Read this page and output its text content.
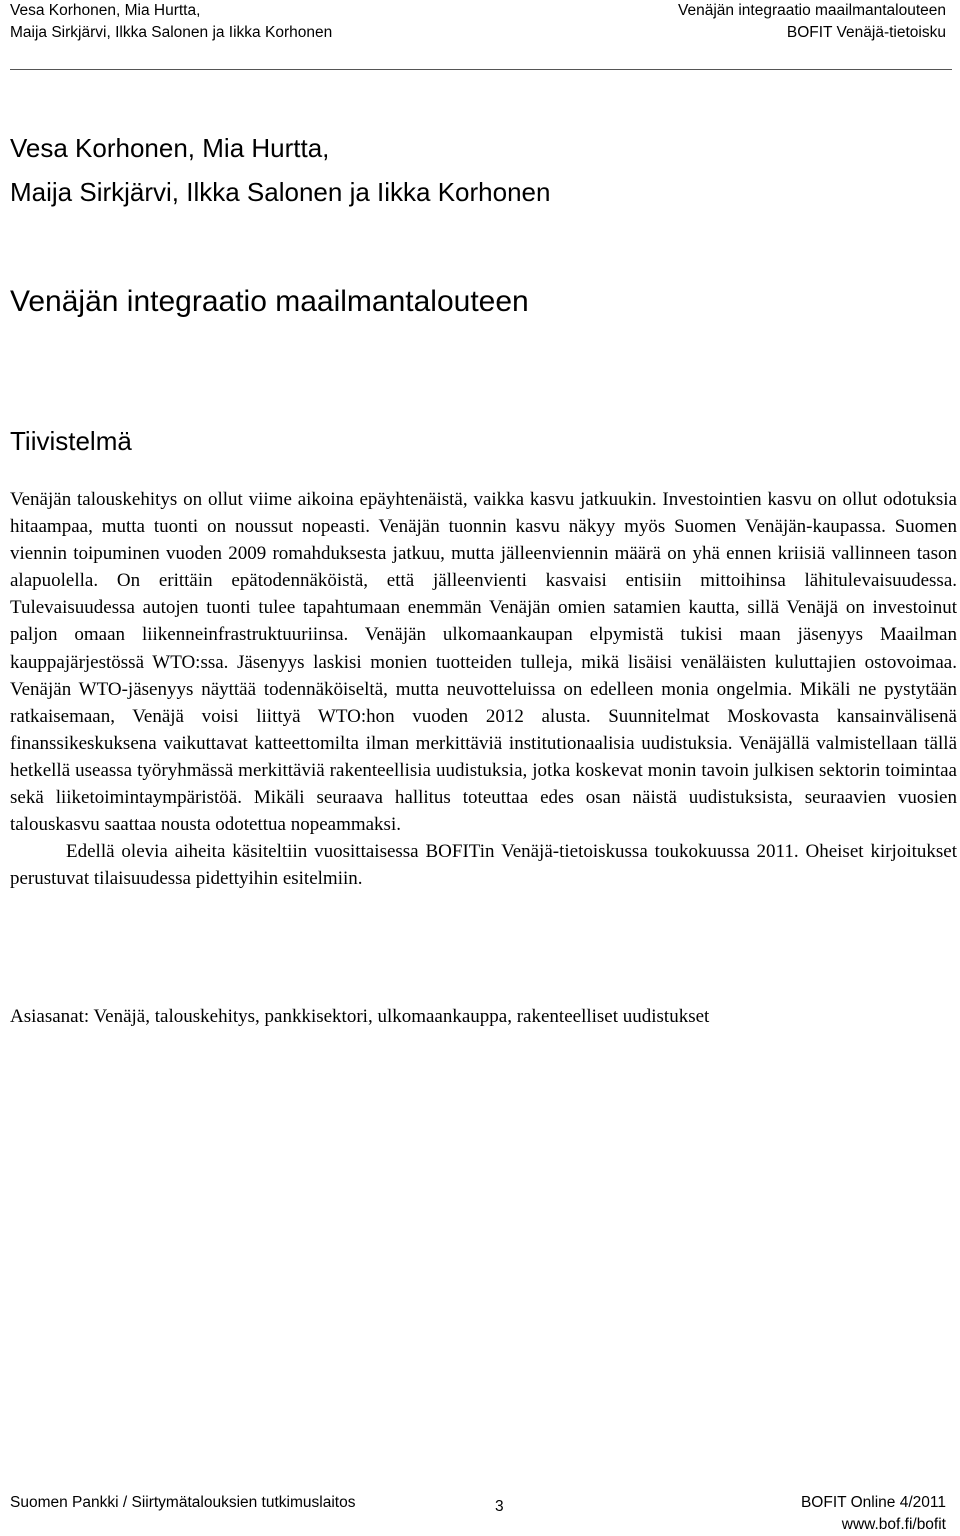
Vesa Korhonen, Mia Hurtta,
Maija Sirkjärvi, Ilkka Salonen ja Iikka Korhonen
Venäjän integraatio maailmantalouteen
BOFIT Venäjä-tietoisku
Vesa Korhonen, Mia Hurtta,
Maija Sirkjärvi, Ilkka Salonen ja Iikka Korhonen
Venäjän integraatio maailmantalouteen
Tiivistelmä

Venäjän talouskehitys on ollut viime aikoina epäyhtenäistä, vaikka kasvu jatkuukin. Investointien kasvu on ollut odotuksia hitaampaa, mutta tuonti on noussut nopeasti. Venäjän tuonnin kasvu näkyy myös Suomen Venäjän-kaupassa. Suomen viennin toipuminen vuoden 2009 romahduksesta jatkuu, mutta jälleenviennin määrä on yhä ennen kriisiä vallinneen tason alapuolella. On erittäin epätodennäköistä, että jälleenvienti kasvaisi entisiin mittoihinsa lähitulevaisuudessa. Tulevaisuudessa autojen tuonti tulee tapahtumaan enemmän Venäjän omien satamien kautta, sillä Venäjä on investoinut paljon omaan liikenneinfrastruktuuriinsa. Venäjän ulkomaankaupan elpymistä tukisi maan jäsenyys Maailman kauppajärjestössä WTO:ssa. Jäsenyys laskisi monien tuotteiden tulleja, mikä lisäisi venäläisten kuluttajien ostovoimaa. Venäjän WTO-jäsenyys näyttää todennäköiseltä, mutta neuvotteluissa on edelleen monia ongelmia. Mikäli ne pystytään ratkaisemaan, Venäjä voisi liittyä WTO:hon vuoden 2012 alusta. Suunnitelmat Moskovasta kansainvälisenä finanssikeskuksena vaikuttavat katteettomilta ilman merkittäviä institutionaalisia uudistuksia. Venäjällä valmistellaan tällä hetkellä useassa työryhmässä merkittäviä rakenteellisia uudistuksia, jotka koskevat monin tavoin julkisen sektorin toimintaa sekä liiketoimintaympäristöä. Mikäli seuraava hallitus toteuttaa edes osan näistä uudistuksista, seuraavien vuosien talouskasvu saattaa nousta odotettua nopeammaksi.

Edellä olevia aiheita käsiteltiin vuosittaisessa BOFITin Venäjä-tietoiskussa toukokuussa 2011. Oheiset kirjoitukset perustuvat tilaisuudessa pidettyihin esitelmiin.

Asiasanat: Venäjä, talouskehitys, pankkisektori, ulkomaankauppa, rakenteelliset uudistukset
Suomen Pankki / Siirtymätalouksien tutkimuslaitos	3	BOFIT Online 4/2011
www.bof.fi/bofit
